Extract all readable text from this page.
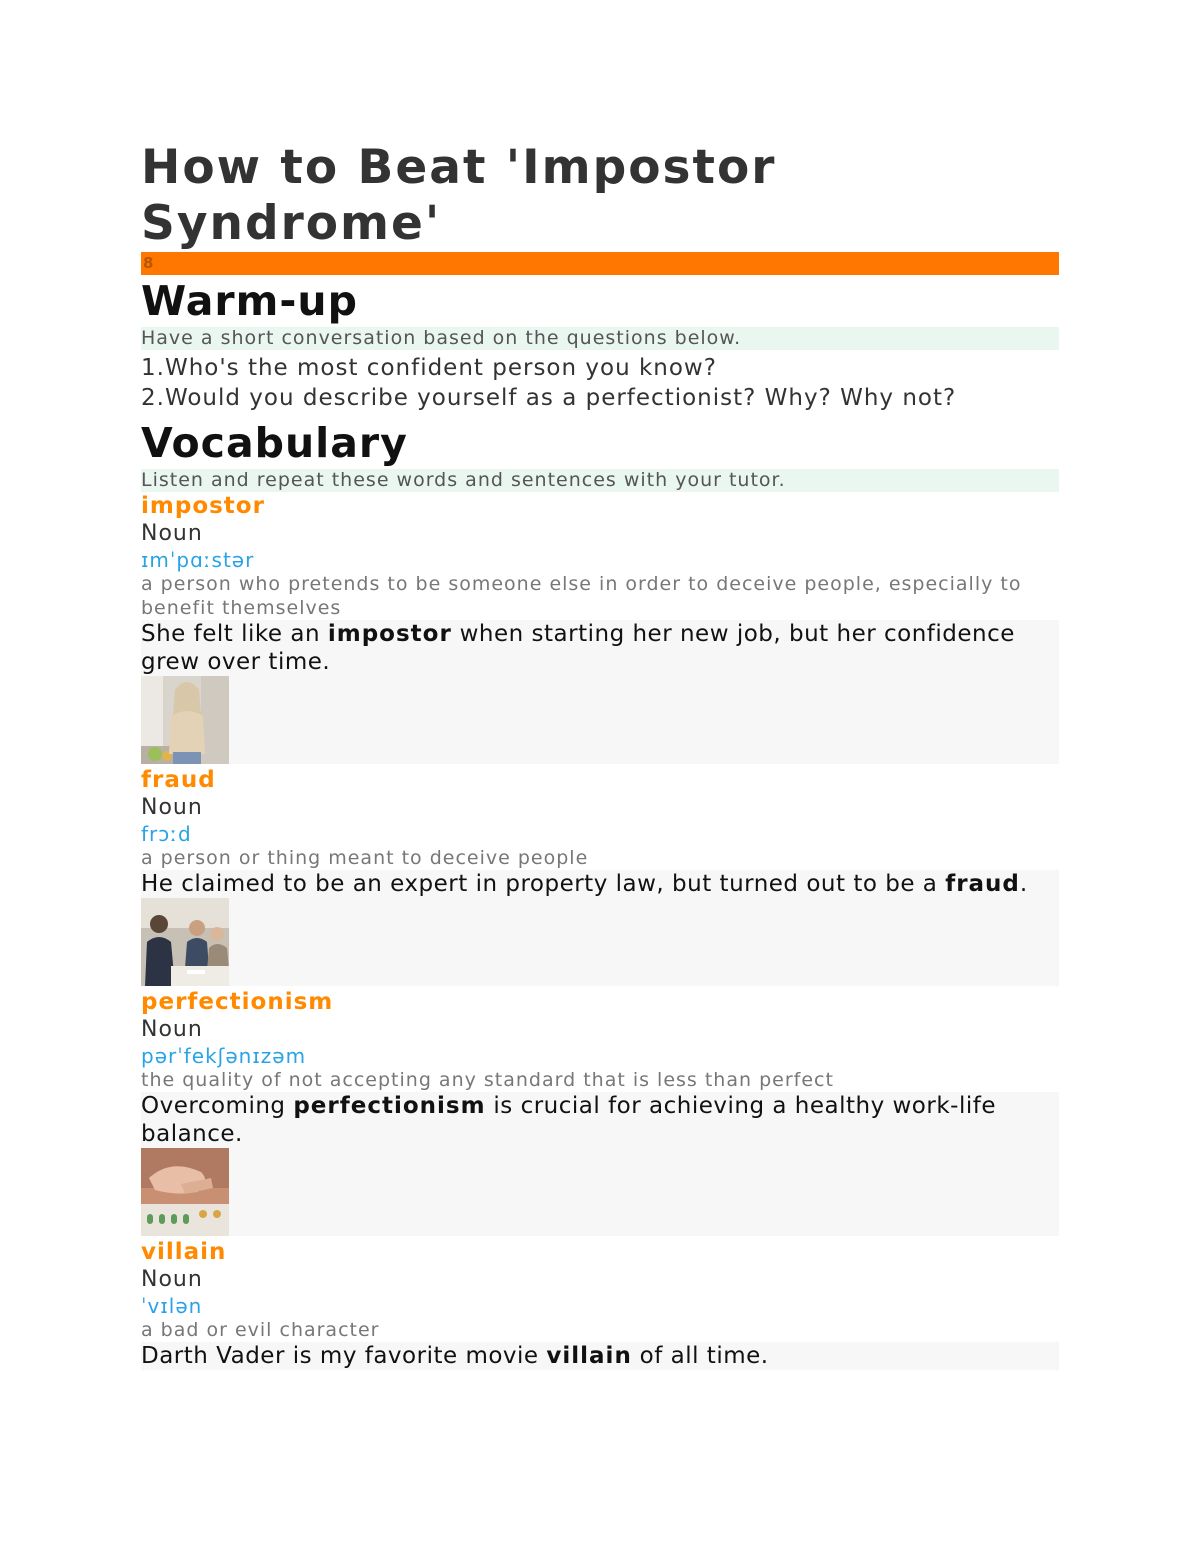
How to Beat 'Impostor Syndrome'
8
Warm-up
Have a short conversation based on the questions below.
1.Who's the most confident person you know?
2.Would you describe yourself as a perfectionist? Why? Why not?
Vocabulary
Listen and repeat these words and sentences with your tutor.
impostor
Noun
ɪmˈpɑːstər
a person who pretends to be someone else in order to deceive people, especially to benefit themselves
She felt like an impostor when starting her new job, but her confidence grew over time.
fraud
Noun
frɔːd
a person or thing meant to deceive people
He claimed to be an expert in property law, but turned out to be a fraud.
perfectionism
Noun
pərˈfekʃənɪzəm
the quality of not accepting any standard that is less than perfect
Overcoming perfectionism is crucial for achieving a healthy work-life balance.
villain
Noun
ˈvɪlən
a bad or evil character
Darth Vader is my favorite movie villain of all time.
